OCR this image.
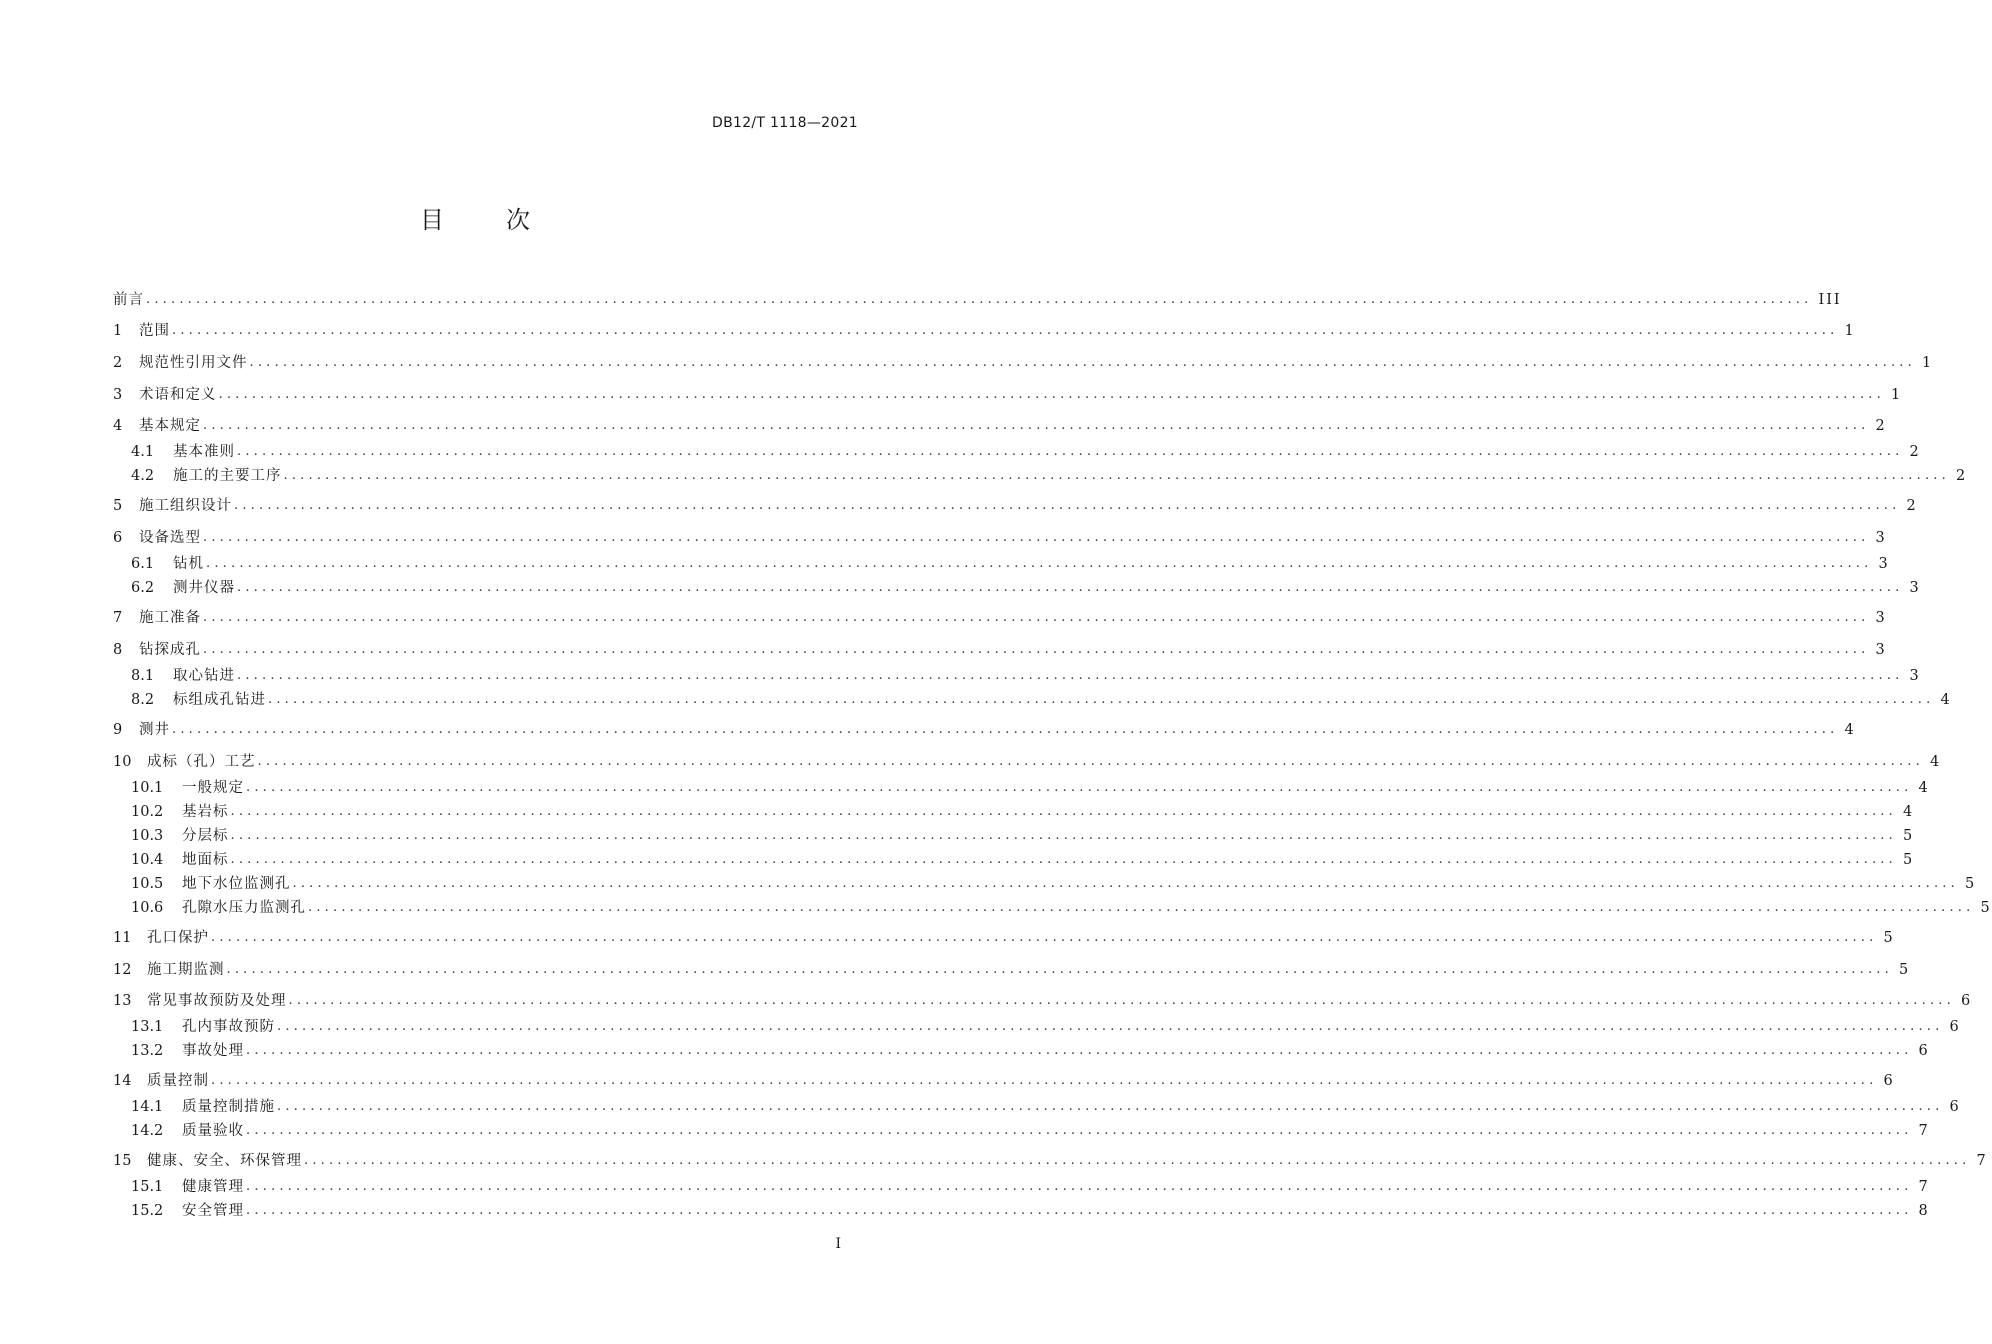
DB12/T 1118—2021
目	次
前言 ........................................................................................................................................................................................................ III
1	范围 ........................................................................................................................................................................................................ 1
2	规范性引用文件 ........................................................................................................................................................................................................ 1
3	术语和定义 ........................................................................................................................................................................................................ 1
4	基本规定 ........................................................................................................................................................................................................ 2
4.1	基本准则 ........................................................................................................................................................................................................ 2
4.2	施工的主要工序 ........................................................................................................................................................................................................ 2
5	施工组织设计 ........................................................................................................................................................................................................ 2
6	设备选型 ........................................................................................................................................................................................................ 3
6.1	钻机 ........................................................................................................................................................................................................ 3
6.2	测井仪器 ........................................................................................................................................................................................................ 3
7	施工准备 ........................................................................................................................................................................................................ 3
8	钻探成孔 ........................................................................................................................................................................................................ 3
8.1	取心钻进 ........................................................................................................................................................................................................ 3
8.2	标组成孔钻进 ........................................................................................................................................................................................................ 4
9	测井 ........................................................................................................................................................................................................ 4
10	成标（孔）工艺 ........................................................................................................................................................................................................ 4
10.1	一般规定 ........................................................................................................................................................................................................ 4
10.2	基岩标 ........................................................................................................................................................................................................ 4
10.3	分层标 ........................................................................................................................................................................................................ 5
10.4	地面标 ........................................................................................................................................................................................................ 5
10.5	地下水位监测孔 ........................................................................................................................................................................................................ 5
10.6	孔隙水压力监测孔 ........................................................................................................................................................................................................ 5
11	孔口保护 ........................................................................................................................................................................................................ 5
12	施工期监测 ........................................................................................................................................................................................................ 5
13	常见事故预防及处理 ........................................................................................................................................................................................................ 6
13.1	孔内事故预防 ........................................................................................................................................................................................................ 6
13.2	事故处理 ........................................................................................................................................................................................................ 6
14	质量控制 ........................................................................................................................................................................................................ 6
14.1	质量控制措施 ........................................................................................................................................................................................................ 6
14.2	质量验收 ........................................................................................................................................................................................................ 7
15	健康、安全、环保管理 ........................................................................................................................................................................................................ 7
15.1	健康管理 ........................................................................................................................................................................................................ 7
15.2	安全管理 ........................................................................................................................................................................................................ 8
I
